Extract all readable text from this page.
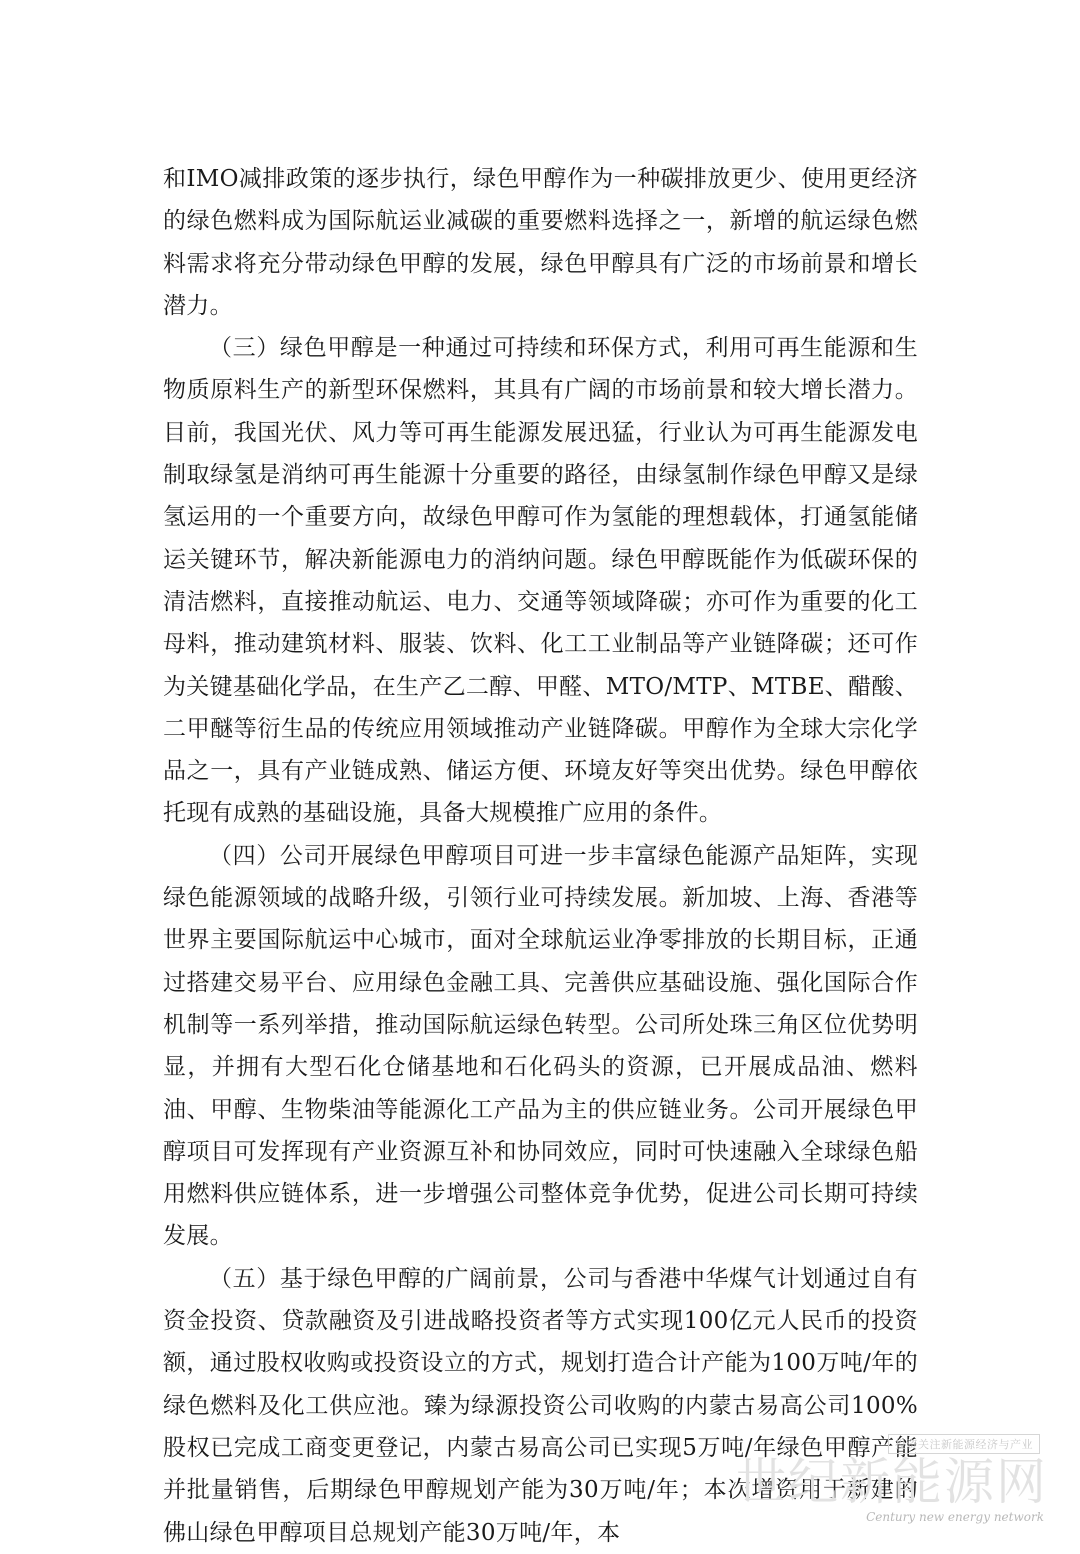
和IMO减排政策的逐步执行，绿色甲醇作为一种碳排放更少、使用更经济的绿色燃料成为国际航运业减碳的重要燃料选择之一，新增的航运绿色燃料需求将充分带动绿色甲醇的发展，绿色甲醇具有广泛的市场前景和增长潜力。

（三）绿色甲醇是一种通过可持续和环保方式，利用可再生能源和生物质原料生产的新型环保燃料，其具有广阔的市场前景和较大增长潜力。目前，我国光伏、风力等可再生能源发展迅猛，行业认为可再生能源发电制取绿氢是消纳可再生能源十分重要的路径，由绿氢制作绿色甲醇又是绿氢运用的一个重要方向，故绿色甲醇可作为氢能的理想载体，打通氢能储运关键环节，解决新能源电力的消纳问题。绿色甲醇既能作为低碳环保的清洁燃料，直接推动航运、电力、交通等领域降碳；亦可作为重要的化工母料，推动建筑材料、服装、饮料、化工工业制品等产业链降碳；还可作为关键基础化学品，在生产乙二醇、甲醛、MTO/MTP、MTBE、醋酸、二甲醚等衍生品的传统应用领域推动产业链降碳。甲醇作为全球大宗化学品之一，具有产业链成熟、储运方便、环境友好等突出优势。绿色甲醇依托现有成熟的基础设施，具备大规模推广应用的条件。

（四）公司开展绿色甲醇项目可进一步丰富绿色能源产品矩阵，实现绿色能源领域的战略升级，引领行业可持续发展。新加坡、上海、香港等世界主要国际航运中心城市，面对全球航运业净零排放的长期目标，正通过搭建交易平台、应用绿色金融工具、完善供应基础设施、强化国际合作机制等一系列举措，推动国际航运绿色转型。公司所处珠三角区位优势明显，并拥有大型石化仓储基地和石化码头的资源，已开展成品油、燃料油、甲醇、生物柴油等能源化工产品为主的供应链业务。公司开展绿色甲醇项目可发挥现有产业资源互补和协同效应，同时可快速融入全球绿色船用燃料供应链体系，进一步增强公司整体竞争优势，促进公司长期可持续发展。

（五）基于绿色甲醇的广阔前景，公司与香港中华煤气计划通过自有资金投资、贷款融资及引进战略投资者等方式实现100亿元人民币的投资额，通过股权收购或投资设立的方式，规划打造合计产能为100万吨/年的绿色燃料及化工供应池。臻为绿源投资公司收购的内蒙古易高公司100%股权已完成工商变更登记，内蒙古易高公司已实现5万吨/年绿色甲醇产能并批量销售，后期绿色甲醇规划产能为30万吨/年；本次增资用于新建的佛山绿色甲醇项目总规划产能30万吨/年，本

投资关注新能源经济与产业
世纪新能源网
Century new energy network
